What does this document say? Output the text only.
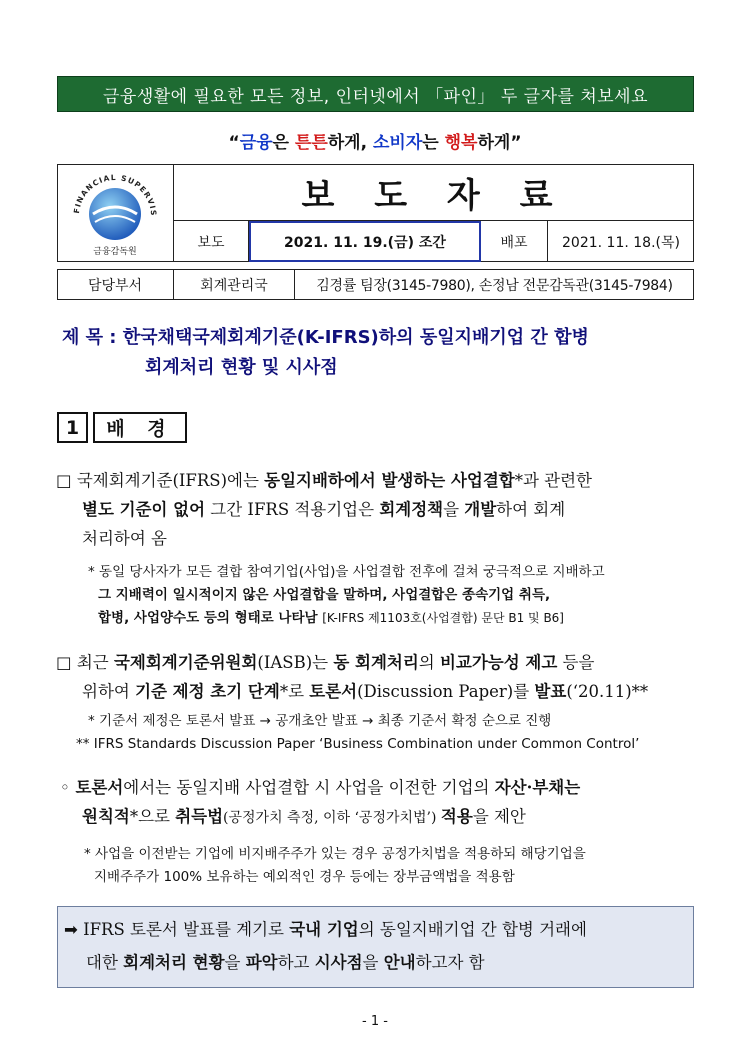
금융생활에 필요한 모든 정보, 인터넷에서 「파인」 두 글자를 쳐보세요
“금융은 튼튼하게, 소비자는 행복하게”
FINANCIAL SUPERVIS
금융감독원
보 도 자 료
보도	2021. 11. 19.(금) 조간	배포	2021. 11. 18.(목)
담당부서	회계관리국	김경률 팀장(3145-7980), 손정남 전문감독관(3145-7984)
제 목 : 한국채택국제회계기준(K-IFRS)하의 동일지배기업 간 합병
회계처리 현황 및 시사점
1	배 경
□ 국제회계기준(IFRS)에는 동일지배하에서 발생하는 사업결합*과 관련한
별도 기준이 없어 그간 IFRS 적용기업은 회계정책을 개발하여 회계
처리하여 옴
* 동일 당사자가 모든 결합 참여기업(사업)을 사업결합 전후에 걸쳐 궁극적으로 지배하고
그 지배력이 일시적이지 않은 사업결합을 말하며, 사업결합은 종속기업 취득,
합병, 사업양수도 등의 형태로 나타남 [K-IFRS 제1103호(사업결합) 문단 B1 및 B6]
□ 최근 국제회계기준위원회(IASB)는 동 회계처리의 비교가능성 제고 등을
위하여 기준 제정 초기 단계*로 토론서(Discussion Paper)를 발표(‘20.11)**
* 기준서 제정은 토론서 발표 → 공개초안 발표 → 최종 기준서 확정 순으로 진행
** IFRS Standards Discussion Paper ‘Business Combination under Common Control’
◦ 토론서에서는 동일지배 사업결합 시 사업을 이전한 기업의 자산·부채는
원칙적*으로 취득법(공정가치 측정, 이하 ‘공정가치법’) 적용을 제안
* 사업을 이전받는 기업에 비지배주주가 있는 경우 공정가치법을 적용하되 해당기업을
지배주주가 100% 보유하는 예외적인 경우 등에는 장부금액법을 적용함
➡ IFRS 토론서 발표를 계기로 국내 기업의 동일지배기업 간 합병 거래에
대한 회계처리 현황을 파악하고 시사점을 안내하고자 함
- 1 -
